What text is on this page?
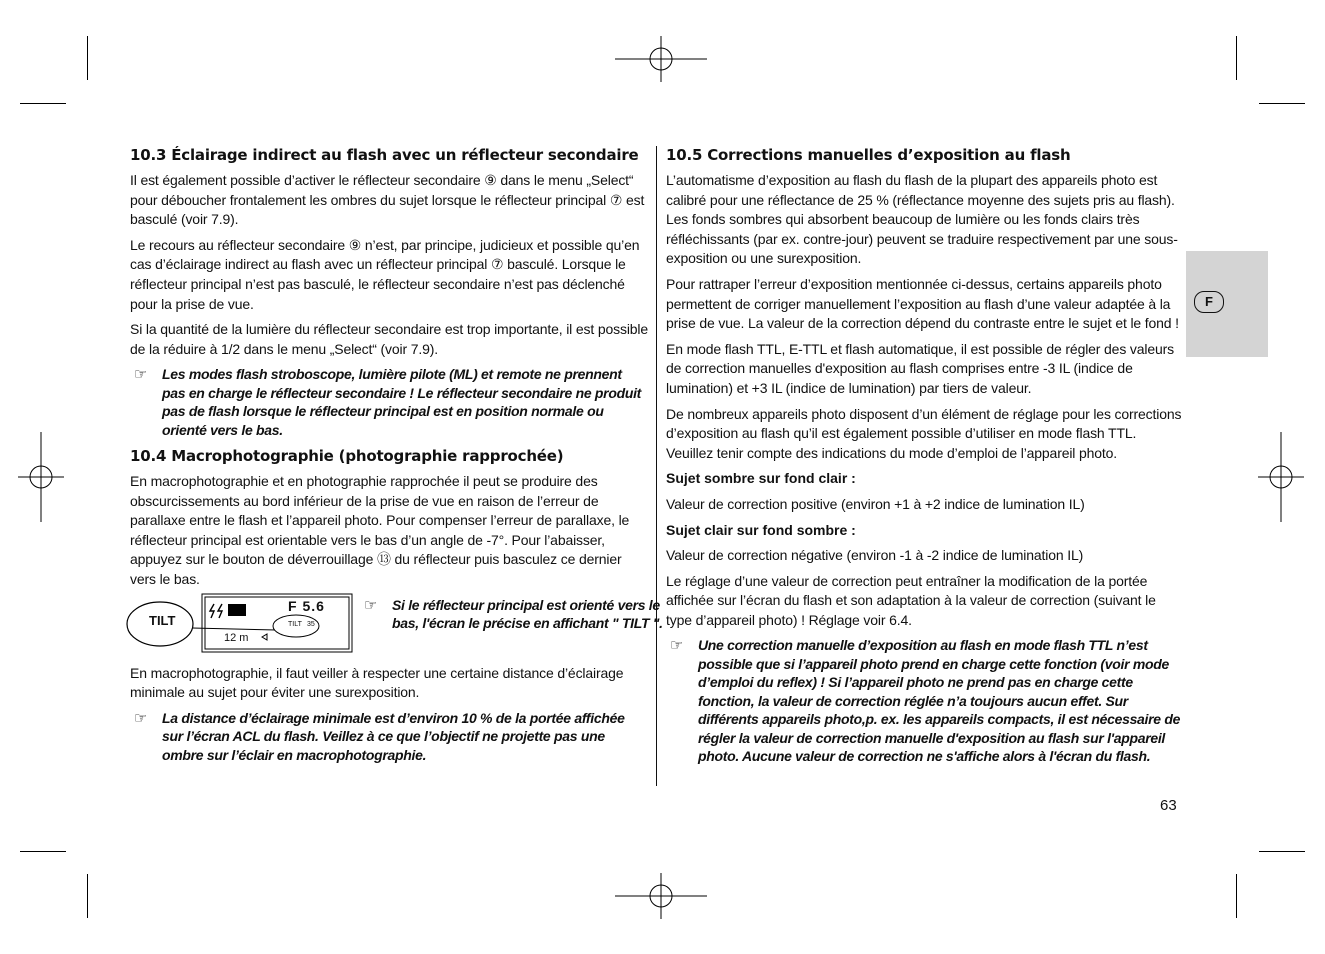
10.3 Éclairage indirect au flash avec un réflecteur secondaire

Il est également possible d’activer le réflecteur secondaire ⑨ dans le menu „Select“ pour déboucher frontalement les ombres du sujet lorsque le réflecteur principal ⑦ est basculé (voir 7.9).

Le recours au réflecteur secondaire ⑨ n’est, par principe, judicieux et possible qu’en cas d’éclairage indirect au flash avec un réflecteur principal ⑦ basculé. Lorsque le réflecteur principal n’est pas basculé, le réflecteur secondaire n’est pas déclenché pour la prise de vue.

Si la quantité de la lumière du réflecteur secondaire est trop importante, il est possible de la réduire à 1/2 dans le menu „Select“ (voir 7.9).

☞ Les modes flash stroboscope, lumière pilote (ML) et remote ne prennent pas en charge le réflecteur secondaire ! Le réflecteur secondaire ne produit pas de flash lorsque le réflecteur principal est en position normale ou orienté vers le bas.
10.4 Macrophotographie (photographie rapprochée)

En macrophotographie et en photographie rapprochée il peut se produire des obscurcissements au bord inférieur de la prise de vue en raison de l’erreur de parallaxe entre le flash et l’appareil photo. Pour compenser l’erreur de parallaxe, le réflecteur principal est orientable vers le bas d’un angle de -7°. Pour l’abaisser, appuyez sur le bouton de déverrouillage ⑬ du réflecteur puis basculez ce dernier vers le bas.

TILT
F 5.6
TILT 35
12 m
☞ Si le réflecteur principal est orienté vers le bas, l'écran le précise en affichant " TILT ".

En macrophotographie, il faut veiller à respecter une certaine distance d’éclairage minimale au sujet pour éviter une surexposition.

☞ La distance d’éclairage minimale est d’environ 10 % de la portée affichée sur l’écran ACL du flash. Veillez à ce que l’objectif ne projette pas une ombre sur l’éclair en macrophotographie.
10.5 Corrections manuelles d’exposition au flash

L’automatisme d’exposition au flash du flash de la plupart des appareils photo est calibré pour une réflectance de 25 % (réflectance moyenne des sujets pris au flash). Les fonds sombres qui absorbent beaucoup de lumière ou les fonds clairs très réfléchissants (par ex. contre-jour) peuvent se traduire respectivement par une sous-exposition ou une surexposition.

Pour rattraper l’erreur d’exposition mentionnée ci-dessus, certains appareils photo permettent de corriger manuellement l’exposition au flash d’une valeur adaptée à la prise de vue. La valeur de la correction dépend du contraste entre le sujet et le fond !

En mode flash TTL, E-TTL et flash automatique, il est possible de régler des valeurs de correction manuelles d'exposition au flash comprises entre -3 IL (indice de lumination) et +3 IL (indice de lumination) par tiers de valeur.

De nombreux appareils photo disposent d’un élément de réglage pour les corrections d’exposition au flash qu’il est également possible d’utiliser en mode flash TTL. Veuillez tenir compte des indications du mode d’emploi de l’appareil photo.

Sujet sombre sur fond clair :

Valeur de correction positive (environ +1 à +2 indice de lumination IL)

Sujet clair sur fond sombre :

Valeur de correction négative (environ -1 à -2 indice de lumination IL)

Le réglage d’une valeur de correction peut entraîner la modification de la portée affichée sur l’écran du flash et son adaptation à la valeur de correction (suivant le type d’appareil photo) ! Réglage voir 6.4.

☞ Une correction manuelle d’exposition au flash en mode flash TTL n’est possible que si l’appareil photo prend en charge cette fonction (voir mode d’emploi du reflex) ! Si l’appareil photo ne prend pas en charge cette fonction, la valeur de correction réglée n’a toujours aucun effet. Sur différents appareils photo,p. ex. les appareils compacts, il est nécessaire de régler la valeur de correction manuelle d'exposition au flash sur l'appareil photo. Aucune valeur de correction ne s'affiche alors à l'écran du flash.
F
63
